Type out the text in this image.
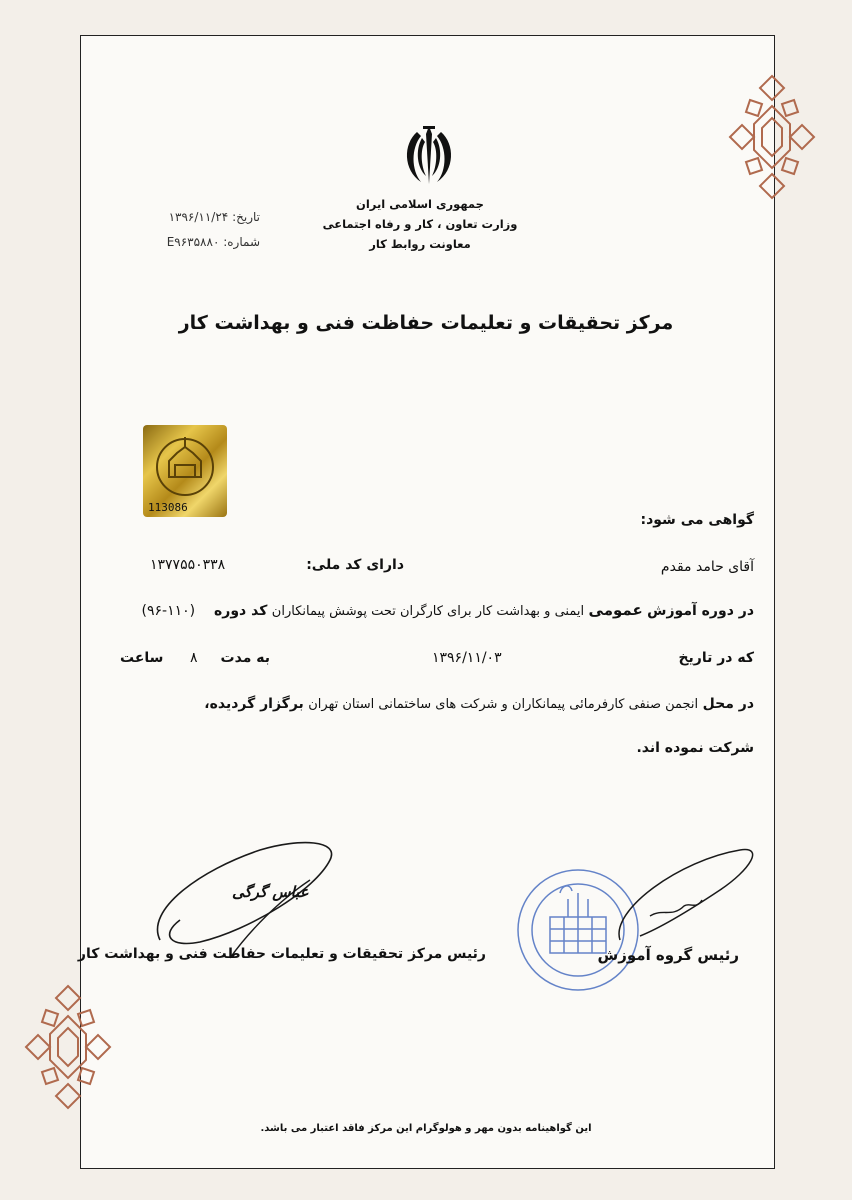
جمهوری اسلامی ایران
وزارت تعاون ، کار و رفاه اجتماعی
معاونت روابط کار
تاریخ: ۱۳۹۶/۱۱/۲۴
شماره: E۹۶۳۵۸۸۰
مرکز تحقیقات و تعلیمات حفاظت فنی و بهداشت کار
113086
گواهی می شود:
آقای حامد مقدم
دارای کد ملی:
۱۳۷۷۵۵۰۳۳۸
در دوره آموزش عمومی ایمنی و بهداشت کار برای کارگران تحت پوشش پیمانکاران کد دوره  (۱۱۰-۹۶)
که در تاریخ
۱۳۹۶/۱۱/۰۳
به مدت
۸
ساعت
در محل انجمن صنفی کارفرمائی پیمانکاران و شرکت های ساختمانی استان تهران برگزار گردیده،
شرکت نموده اند.
عباس گرگی
رئیس مرکز تحقیقات و تعلیمات حفاظت فنی و بهداشت کار	رئیس گروه آموزش
این گواهینامه بدون مهر و هولوگرام این مرکز فاقد اعتبار می باشد.
